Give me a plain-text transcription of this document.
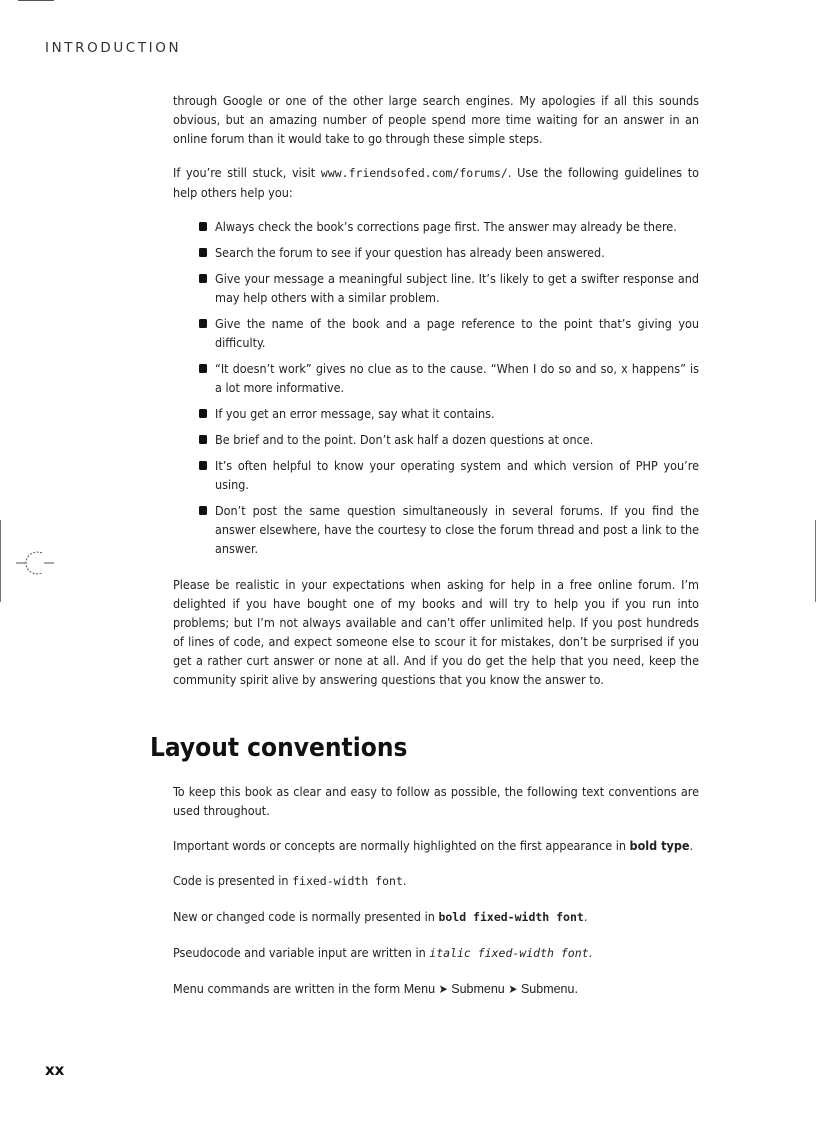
INTRODUCTION

through Google or one of the other large search engines. My apologies if all this sounds obvious, but an amazing number of people spend more time waiting for an answer in an online forum than it would take to go through these simple steps.

If you’re still stuck, visit www.friendsofed.com/forums/. Use the following guidelines to help others help you:

Always check the book’s corrections page first. The answer may already be there.
Search the forum to see if your question has already been answered.
Give your message a meaningful subject line. It’s likely to get a swifter response and may help others with a similar problem.
Give the name of the book and a page reference to the point that’s giving you difficulty.
“It doesn’t work” gives no clue as to the cause. “When I do so and so, x happens” is a lot more informative.
If you get an error message, say what it contains.
Be brief and to the point. Don’t ask half a dozen questions at once.
It’s often helpful to know your operating system and which version of PHP you’re using.
Don’t post the same question simultaneously in several forums. If you find the answer elsewhere, have the courtesy to close the forum thread and post a link to the answer.

Please be realistic in your expectations when asking for help in a free online forum. I’m delighted if you have bought one of my books and will try to help you if you run into problems; but I’m not always available and can’t offer unlimited help. If you post hundreds of lines of code, and expect someone else to scour it for mistakes, don’t be surprised if you get a rather curt answer or none at all. And if you do get the help that you need, keep the community spirit alive by answering questions that you know the answer to.

Layout conventions

To keep this book as clear and easy to follow as possible, the following text conventions are used throughout.

Important words or concepts are normally highlighted on the first appearance in bold type.

Code is presented in fixed-width font.

New or changed code is normally presented in bold fixed-width font.

Pseudocode and variable input are written in italic fixed-width font.

Menu commands are written in the form Menu ➤ Submenu ➤ Submenu.

xx
